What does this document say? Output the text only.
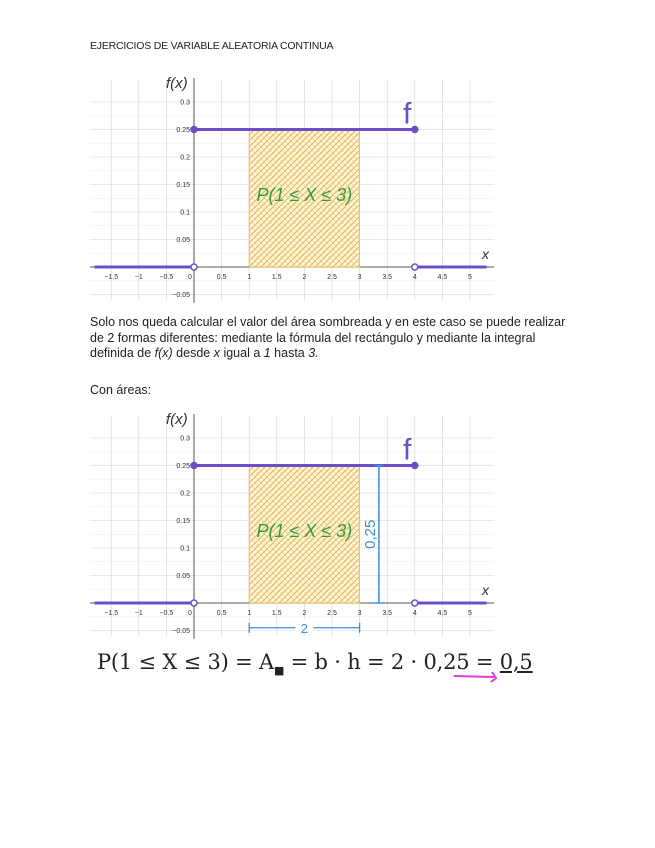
EJERCICIOS DE VARIABLE ALEATORIA CONTINUA
−1.5 −1 −0.5 0	0.5	1	1.5	2	2.5	3	3.5	4	4.5	5
0.3
0.25
0.2
0.15
0.1
0.05
−0.05
f(x)
x
f
P(1 ≤ X ≤ 3)
Solo nos queda calcular el valor del área sombreada y en este caso se puede realizar de 2 formas diferentes: mediante la fórmula del rectángulo y mediante la integral definida de f(x) desde x igual a 1 hasta 3.
Con áreas:
−1.5 −1 −0.5 0	0.5	1	1.5	2	2.5	3	3.5	4	4.5	5
0.3
0.25
0.2
0.15
0.1
0.05
−0.05
f(x)
x
f
P(1 ≤ X ≤ 3) 0,25
2
$P(1 \le X \le 3) = A_■ = b \cdot h = 2 \cdot 0,25 = 0,5$
